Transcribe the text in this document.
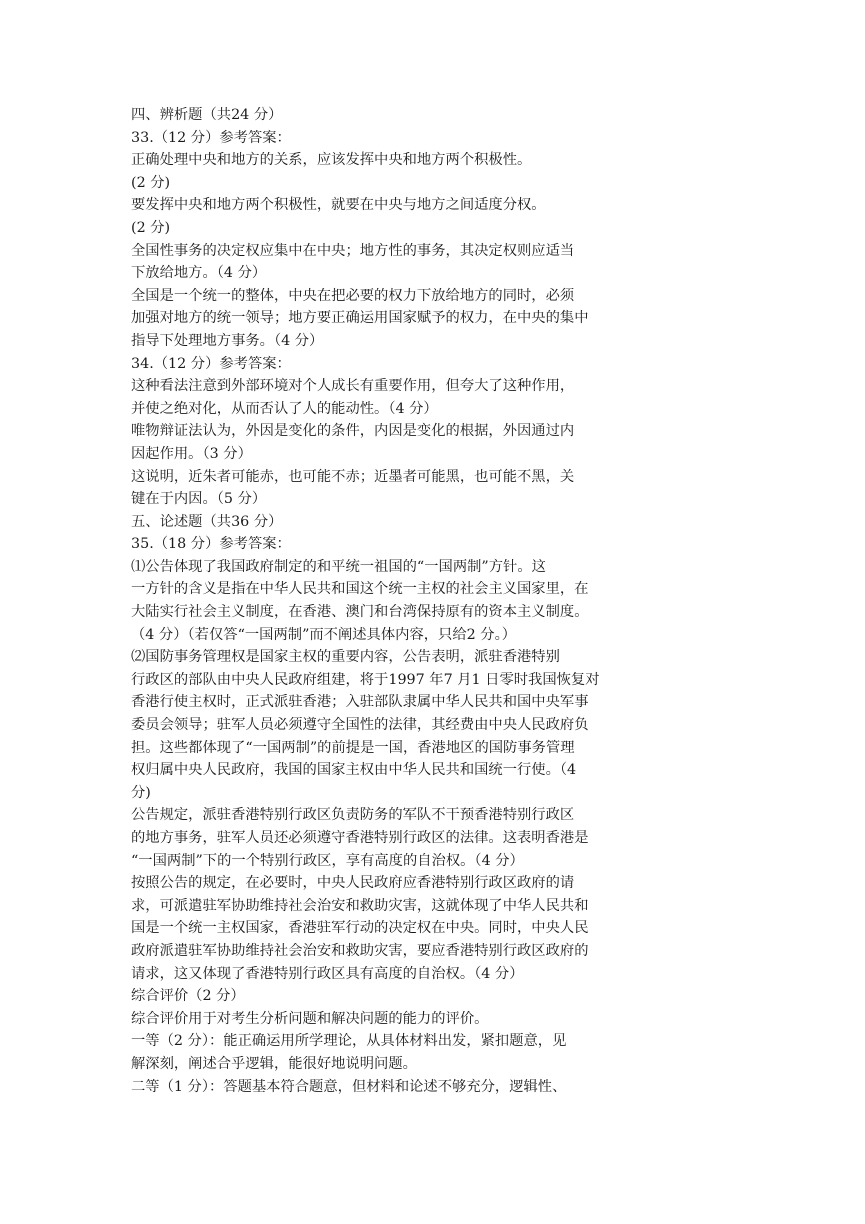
四、辨析题（共24 分）
33.（12 分）参考答案：
正确处理中央和地方的关系，应该发挥中央和地方两个积极性。
(2 分)
要发挥中央和地方两个积极性，就要在中央与地方之间适度分权。
(2 分)
全国性事务的决定权应集中在中央；地方性的事务，其决定权则应适当
下放给地方。（4 分）
全国是一个统一的整体，中央在把必要的权力下放给地方的同时，必须
加强对地方的统一领导；地方要正确运用国家赋予的权力，在中央的集中
指导下处理地方事务。（4 分）
34.（12 分）参考答案：
这种看法注意到外部环境对个人成长有重要作用，但夸大了这种作用，
并使之绝对化，从而否认了人的能动性。（4 分）
唯物辩证法认为，外因是变化的条件，内因是变化的根据，外因通过内
因起作用。（3 分）
这说明，近朱者可能赤，也可能不赤；近墨者可能黑，也可能不黑，关
键在于内因。（5 分）
五、论述题（共36 分）
35.（18 分）参考答案：
⑴公告体现了我国政府制定的和平统一祖国的“一国两制”方针。这
一方针的含义是指在中华人民共和国这个统一主权的社会主义国家里，在
大陆实行社会主义制度，在香港、澳门和台湾保持原有的资本主义制度。
（4 分）（若仅答“一国两制”而不阐述具体内容，只给2 分。）
⑵国防事务管理权是国家主权的重要内容，公告表明，派驻香港特别
行政区的部队由中央人民政府组建，将于1997 年7 月1 日零时我国恢复对
香港行使主权时，正式派驻香港；入驻部队隶属中华人民共和国中央军事
委员会领导；驻军人员必须遵守全国性的法律，其经费由中央人民政府负
担。这些都体现了“一国两制”的前提是一国，香港地区的国防事务管理
权归属中央人民政府，我国的国家主权由中华人民共和国统一行使。（4
分)
公告规定，派驻香港特别行政区负责防务的军队不干预香港特别行政区
的地方事务，驻军人员还必须遵守香港特别行政区的法律。这表明香港是
“一国两制”下的一个特别行政区，享有高度的自治权。（4 分）
按照公告的规定，在必要时，中央人民政府应香港特别行政区政府的请
求，可派遣驻军协助维持社会治安和救助灾害，这就体现了中华人民共和
国是一个统一主权国家，香港驻军行动的决定权在中央。同时，中央人民
政府派遣驻军协助维持社会治安和救助灾害，要应香港特别行政区政府的
请求，这又体现了香港特别行政区具有高度的自治权。（4 分）
综合评价（2 分）
综合评价用于对考生分析问题和解决问题的能力的评价。
一等（2 分）：能正确运用所学理论，从具体材料出发，紧扣题意，见
解深刻，阐述合乎逻辑，能很好地说明问题。
二等（1 分）：答题基本符合题意，但材料和论述不够充分，逻辑性、
